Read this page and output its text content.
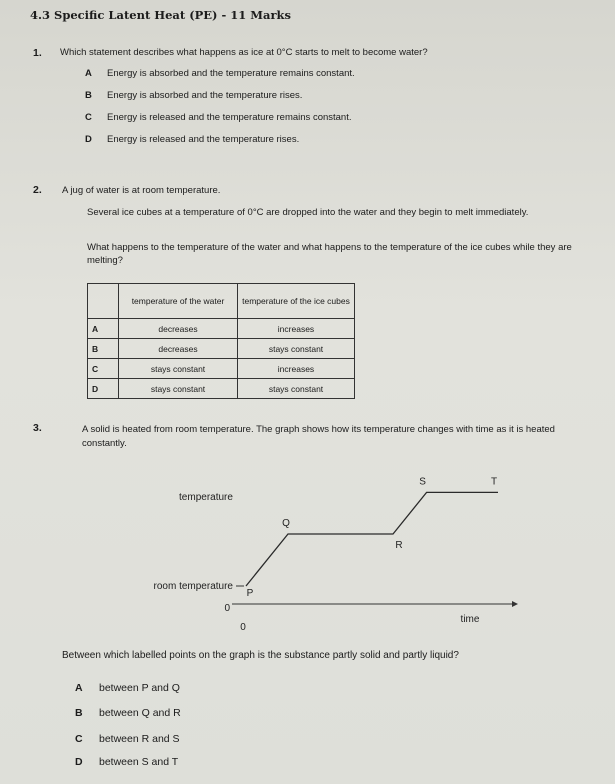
4.3 Specific Latent Heat (PE) - 11 Marks
1. Which statement describes what happens as ice at 0°C starts to melt to become water?
A Energy is absorbed and the temperature remains constant.
B Energy is absorbed and the temperature rises.
C Energy is released and the temperature remains constant.
D Energy is released and the temperature rises.
2. A jug of water is at room temperature.
Several ice cubes at a temperature of 0°C are dropped into the water and they begin to melt immediately.
What happens to the temperature of the water and what happens to the temperature of the ice cubes while they are melting?
	temperature of the water	temperature of the ice cubes
A	decreases	increases
B	decreases	stays constant
C	stays constant	increases
D	stays constant	stays constant
3.	A solid is heated from room temperature. The graph shows how its temperature changes with time as it is heated constantly.
temperature
room temperature
time
0
0
P
Q
R
S	T
Between which labelled points on the graph is the substance partly solid and partly liquid?
A between P and Q
B between Q and R
C between R and S
D between S and T
